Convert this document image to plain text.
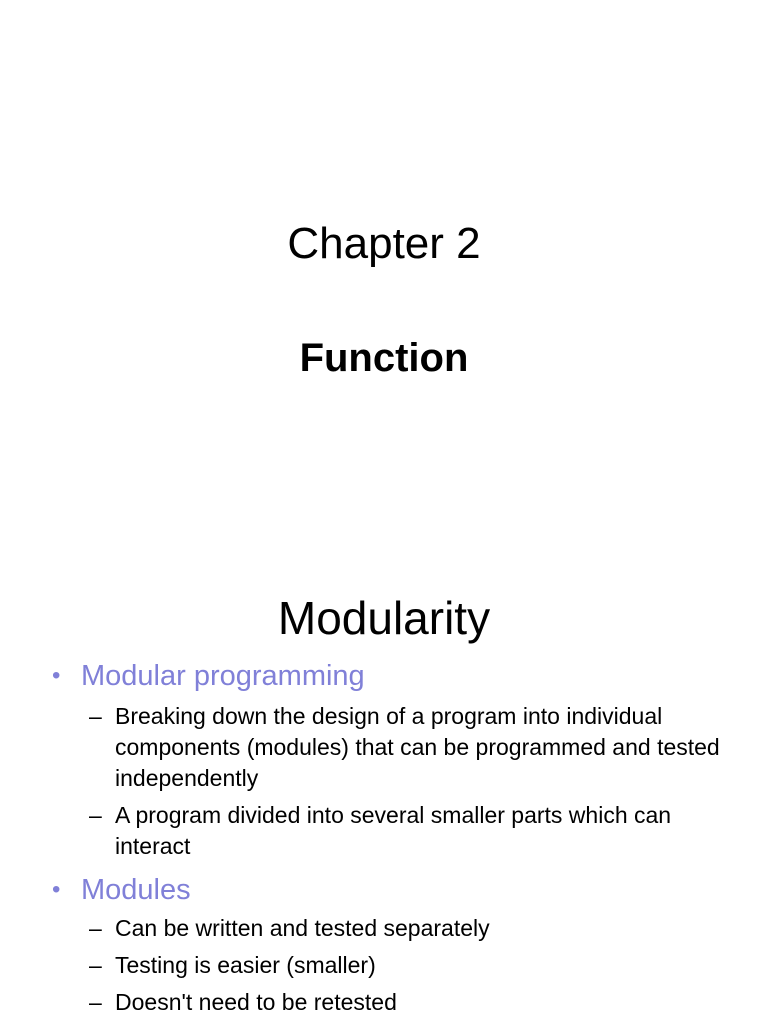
Chapter 2
Function
Modularity
• Modular programming
– Breaking down the design of a program into individual components (modules) that can be programmed and tested independently
– A program divided into several smaller parts which can interact
• Modules
– Can be written and tested separately
– Testing is easier (smaller)
– Doesn't need to be retested
